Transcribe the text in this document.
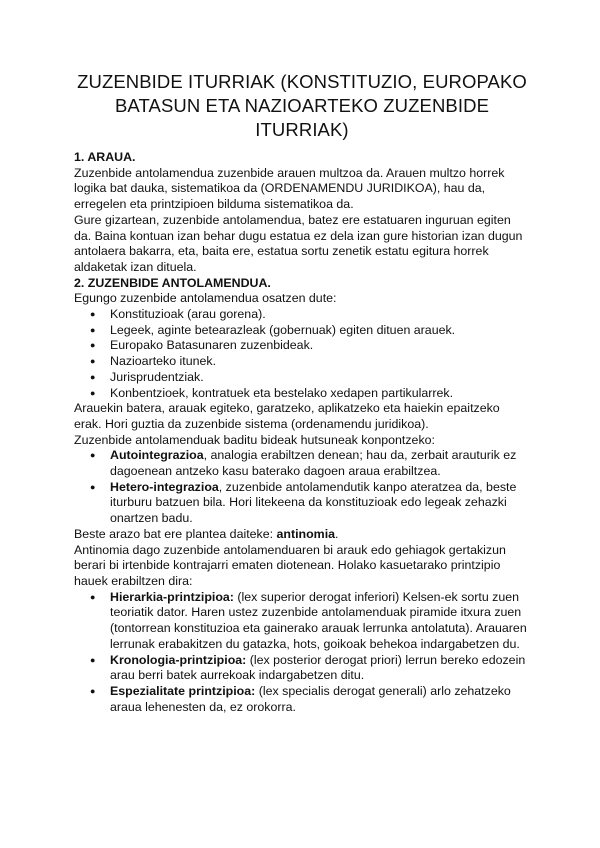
ZUZENBIDE ITURRIAK (KONSTITUZIO, EUROPAKO BATASUN ETA NAZIOARTEKO ZUZENBIDE ITURRIAK)

1. ARAUA.

Zuzenbide antolamendua zuzenbide arauen multzoa da. Arauen multzo horrek logika bat dauka, sistematikoa da (ORDENAMENDU JURIDIKOA), hau da, erregelen eta printzipioen bilduma sistematikoa da.

Gure gizartean, zuzenbide antolamendua, batez ere estatuaren inguruan egiten da. Baina kontuan izan behar dugu estatua ez dela izan gure historian izan dugun antolaera bakarra, eta, baita ere, estatua sortu zenetik estatu egitura horrek aldaketak izan dituela.

2. ZUZENBIDE ANTOLAMENDUA.

Egungo zuzenbide antolamendua osatzen dute:

● Konstituzioak (arau gorena).
● Legeek, aginte betearazleak (gobernuak) egiten dituen arauek.
● Europako Batasunaren zuzenbideak.
● Nazioarteko itunek.
● Jurisprudentziak.
● Konbentzioek, kontratuek eta bestelako xedapen partikularrek.

Arauekin batera, arauak egiteko, garatzeko, aplikatzeko eta haiekin epaitzeko erak. Hori guztia da zuzenbide sistema (ordenamendu juridikoa).

Zuzenbide antolamenduak baditu bideak hutsuneak konpontzeko:

● Autointegrazioa, analogia erabiltzen denean; hau da, zerbait arauturik ez dagoenean antzeko kasu baterako dagoen araua erabiltzea.
● Hetero-integrazioa, zuzenbide antolamendutik kanpo ateratzea da, beste iturburu batzuen bila. Hori litekeena da konstituzioak edo legeak zehazki onartzen badu.

Beste arazo bat ere plantea daiteke: antinomia.

Antinomia dago zuzenbide antolamenduaren bi arauk edo gehiagok gertakizun berari bi irtenbide kontrajarri ematen diotenean. Holako kasuetarako printzipio hauek erabiltzen dira:

● Hierarkia-printzipioa: (lex superior derogat inferiori) Kelsen-ek sortu zuen teoriatik dator. Haren ustez zuzenbide antolamenduak piramide itxura zuen (tontorrean konstituzioa eta gainerako arauak lerrunka antolatuta). Arauaren lerrunak erabakitzen du gatazka, hots, goikoak behekoa indargabetzen du.
● Kronologia-printzipioa: (lex posterior derogat priori) lerrun bereko edozein arau berri batek aurrekoak indargabetzen ditu.
● Espezialitate printzipioa: (lex specialis derogat generali) arlo zehatzeko araua lehenesten da, ez orokorra.
